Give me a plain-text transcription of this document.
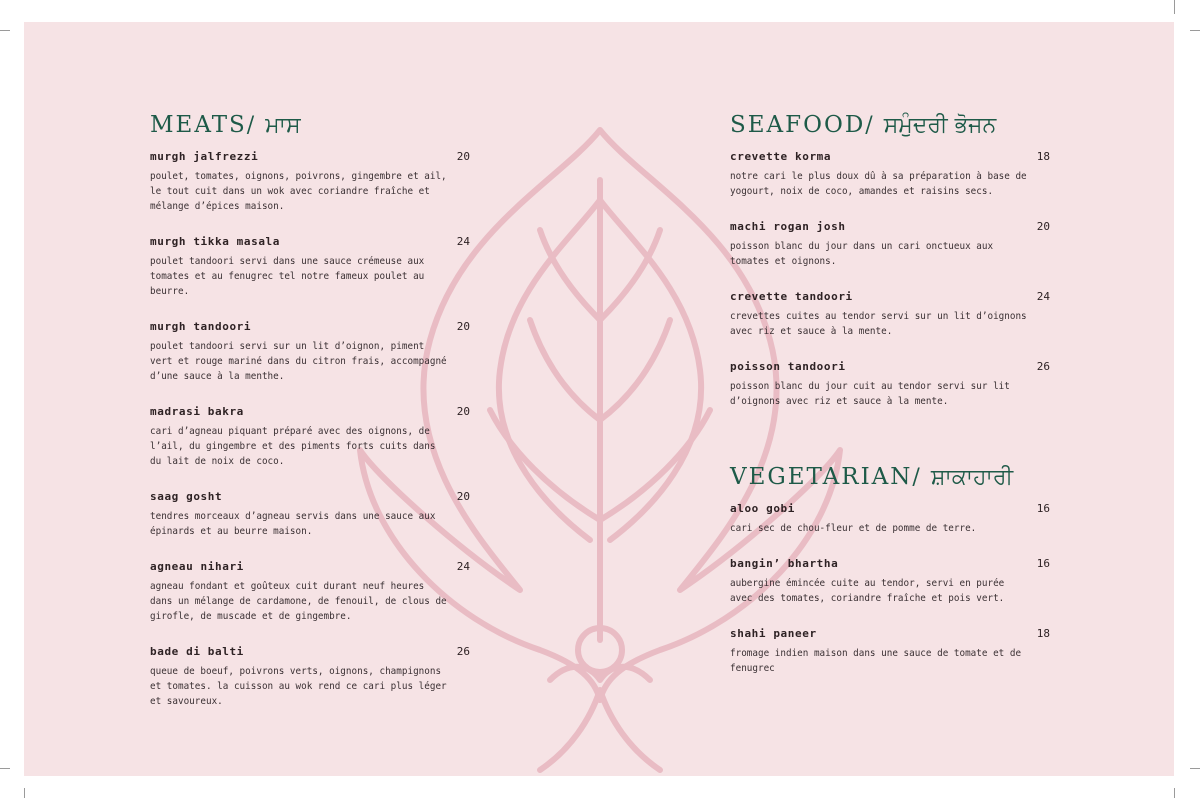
MEATS/ ਮਾਸ
murgh jalfrezzi	20
poulet, tomates, oignons, poivrons, gingembre et ail, le tout cuit dans un wok avec coriandre fraîche et mélange d’épices maison.
murgh tikka masala	24
poulet tandoori servi dans une sauce crémeuse aux tomates et au fenugrec tel notre fameux poulet au beurre.
murgh tandoori	20
poulet tandoori servi sur un lit d’oignon, piment vert et rouge mariné dans du citron frais, accompagné d’une sauce à la menthe.
madrasi bakra	20
cari d’agneau piquant préparé avec des oignons, de l’ail, du gingembre et des piments forts cuits dans du lait de noix de coco.
saag gosht	20
tendres morceaux d’agneau servis dans une sauce aux épinards et au beurre maison.
agneau nihari	24
agneau fondant et goûteux cuit durant neuf heures dans un mélange de cardamone, de fenouil, de clous de girofle, de muscade et de gingembre.
bade di balti	26
queue de boeuf, poivrons verts, oignons, champignons et tomates. la cuisson au wok rend ce cari plus léger et savoureux.
SEAFOOD/ ਸਮੁੰਦਰੀ ਭੋਜਨ
crevette korma	18
notre cari le plus doux dû à sa préparation à base de yogourt, noix de coco, amandes et raisins secs.
machi rogan josh	20
poisson blanc du jour dans un cari onctueux aux tomates et oignons.
crevette tandoori	24
crevettes cuites au tendor servi sur un lit d’oignons avec riz et sauce à la mente.
poisson tandoori	26
poisson blanc du jour cuit au tendor servi sur lit d’oignons avec riz et sauce à la mente.
VEGETARIAN/ ਸ਼ਾਕਾਹਾਰੀ
aloo gobi	16
cari sec de chou-fleur et de pomme de terre.
bangin’ bhartha	16
aubergine émincée cuite au tendor, servi en purée avec des tomates, coriandre fraîche et pois vert.
shahi paneer	18
fromage indien maison dans une sauce de tomate et de fenugrec
